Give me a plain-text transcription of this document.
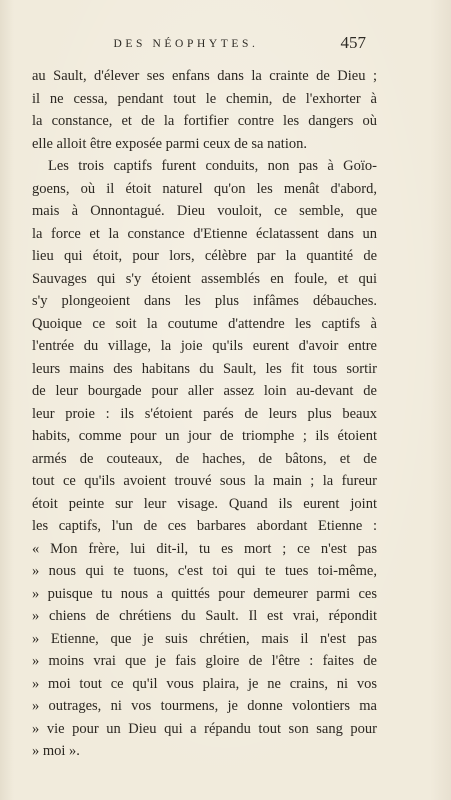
DES NÉOPHYTES.	457
au Sault, d'élever ses enfans dans la crainte de Dieu ;
il ne cessa, pendant tout le chemin, de l'exhorter à
la constance, et de la fortifier contre les dangers où
elle alloit être exposée parmi ceux de sa nation.
Les trois captifs furent conduits, non pas à Goïo-
goens, où il étoit naturel qu'on les menât d'abord,
mais à Onnontagué. Dieu vouloit, ce semble, que
la force et la constance d'Etienne éclatassent dans un
lieu qui étoit, pour lors, célèbre par la quantité de
Sauvages qui s'y étoient assemblés en foule, et qui
s'y plongeoient dans les plus infâmes débauches.
Quoique ce soit la coutume d'attendre les captifs à
l'entrée du village, la joie qu'ils eurent d'avoir entre
leurs mains des habitans du Sault, les fit tous sortir
de leur bourgade pour aller assez loin au-devant de
leur proie : ils s'étoient parés de leurs plus beaux
habits, comme pour un jour de triomphe ; ils étoient
armés de couteaux, de haches, de bâtons, et de
tout ce qu'ils avoient trouvé sous la main ; la fureur
étoit peinte sur leur visage. Quand ils eurent joint
les captifs, l'un de ces barbares abordant Etienne :
« Mon frère, lui dit-il, tu es mort ; ce n'est pas
» nous qui te tuons, c'est toi qui te tues toi-même,
» puisque tu nous a quittés pour demeurer parmi ces
» chiens de chrétiens du Sault. Il est vrai, répondit
» Etienne, que je suis chrétien, mais il n'est pas
» moins vrai que je fais gloire de l'être : faites de
» moi tout ce qu'il vous plaira, je ne crains, ni vos
» outrages, ni vos tourmens, je donne volontiers ma
» vie pour un Dieu qui a répandu tout son sang pour
» moi ».
